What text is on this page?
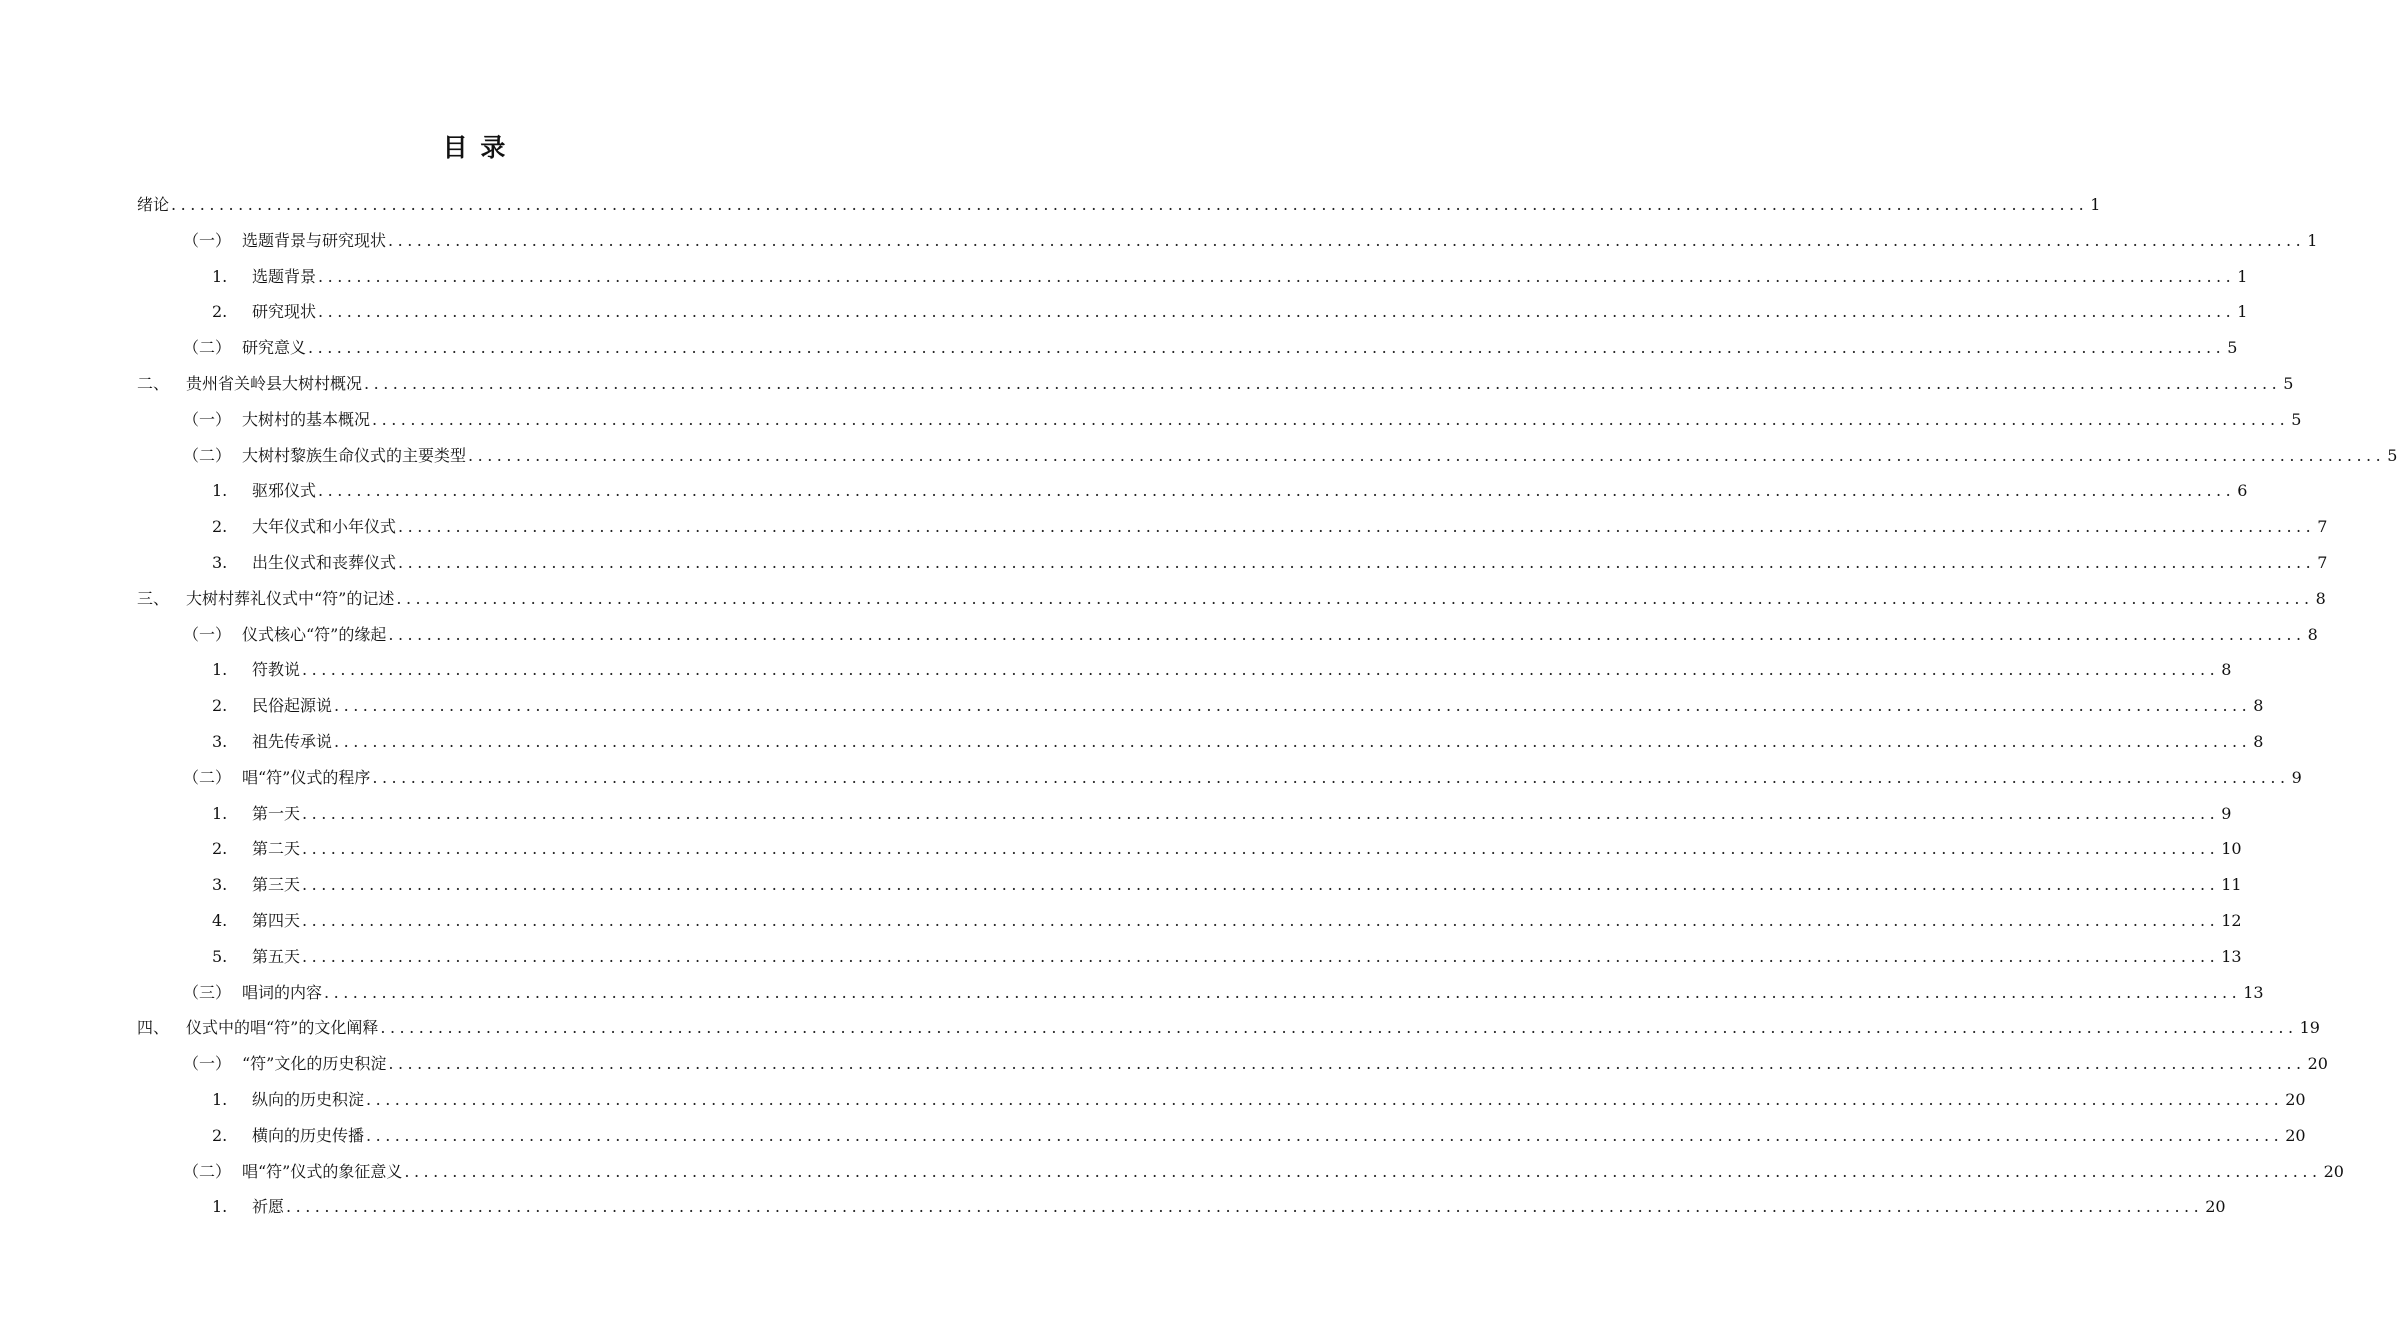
目 录
绪论 ........................................................................................................................................................................................................ 1
（一） 选题背景与研究现状 ........................................................................................................................................................................................................ 1
1.	选题背景 ........................................................................................................................................................................................................ 1
2.	研究现状 ........................................................................................................................................................................................................ 1
（二） 研究意义 ........................................................................................................................................................................................................ 5
二、	贵州省关岭县大树村概况 ........................................................................................................................................................................................................ 5
（一） 大树村的基本概况 ........................................................................................................................................................................................................ 5
（二） 大树村黎族生命仪式的主要类型 ........................................................................................................................................................................................................ 5
1.	驱邪仪式 ........................................................................................................................................................................................................ 6
2.	大年仪式和小年仪式 ........................................................................................................................................................................................................ 7
3.	出生仪式和丧葬仪式 ........................................................................................................................................................................................................ 7
三、	大树村葬礼仪式中“符”的记述 ........................................................................................................................................................................................................ 8
（一） 仪式核心“符”的缘起 ........................................................................................................................................................................................................ 8
1.	符教说 ........................................................................................................................................................................................................ 8
2.	民俗起源说 ........................................................................................................................................................................................................ 8
3.	祖先传承说 ........................................................................................................................................................................................................ 8
（二） 唱“符”仪式的程序 ........................................................................................................................................................................................................ 9
1.	第一天 ........................................................................................................................................................................................................ 9
2.	第二天 ........................................................................................................................................................................................................ 10
3.	第三天 ........................................................................................................................................................................................................ 11
4.	第四天 ........................................................................................................................................................................................................ 12
5.	第五天 ........................................................................................................................................................................................................ 13
（三） 唱词的内容 ........................................................................................................................................................................................................ 13
四、	仪式中的唱“符”的文化阐释 ........................................................................................................................................................................................................ 19
（一） “符”文化的历史积淀 ........................................................................................................................................................................................................ 20
1.	纵向的历史积淀 ........................................................................................................................................................................................................ 20
2.	横向的历史传播 ........................................................................................................................................................................................................ 20
（二） 唱“符”仪式的象征意义 ........................................................................................................................................................................................................ 20
1.	祈愿 ........................................................................................................................................................................................................ 20
